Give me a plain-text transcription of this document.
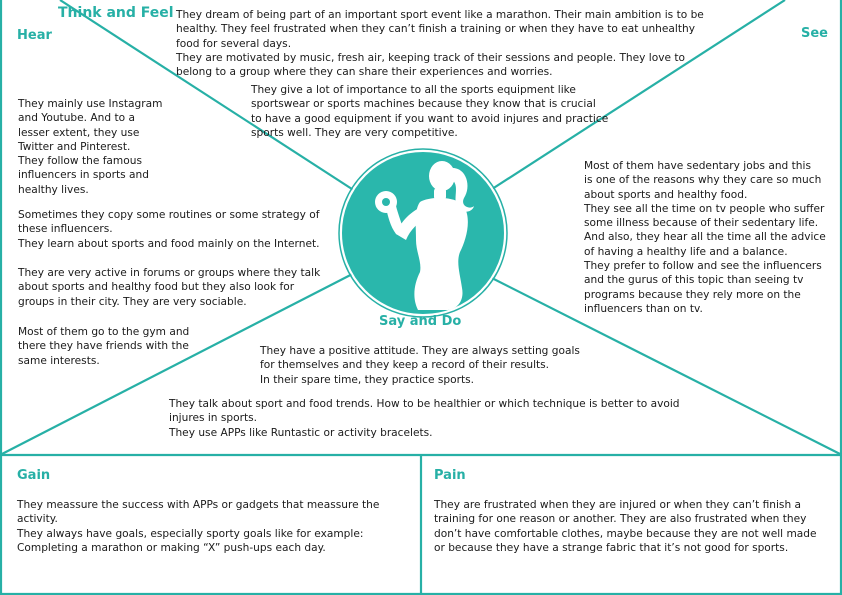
Think and Feel
Hear	See
Say and Do
Gain	Pain
They dream of being part of an important sport event like a marathon. Their main ambition is to be
healthy. They feel frustrated when they can’t finish a training or when they have to eat unhealthy
food for several days.
They are motivated by music, fresh air, keeping track of their sessions and people. They love to
belong to a group where they can share their experiences and worries.
They give a lot of importance to all the sports equipment like
sportswear or sports machines because they know that is crucial
to have a good equipment if you want to avoid injures and practice
sports well. They are very competitive.
They mainly use Instagram
and Youtube. And to a
lesser extent, they use
Twitter and Pinterest.
They follow the famous
influencers in sports and
healthy lives.
Sometimes they copy some routines or some strategy of
these influencers.
They learn about sports and food mainly on the Internet.
They are very active in forums or groups where they talk
about sports and healthy food but they also look for
groups in their city. They are very sociable.
Most of them go to the gym and
there they have friends with the
same interests.
Most of them have sedentary jobs and this
is one of the reasons why they care so much
about sports and healthy food.
They see all the time on tv people who suffer
some illness because of their sedentary life.
And also, they hear all the time all the advice
of having a healthy life and a balance.
They prefer to follow and see the influencers
and the gurus of this topic than seeing tv
programs because they rely more on the
influencers than on tv.
They have a positive attitude. They are always setting goals
for themselves and they keep a record of their results.
In their spare time, they practice sports.
They talk about sport and food trends. How to be healthier or which technique is better to avoid
injures in sports.
They use APPs like Runtastic or activity bracelets.
They meassure the success with APPs or gadgets that meassure the
activity.
They always have goals, especially sporty goals like for example:
Completing a marathon or making “X” push-ups each day.
They are frustrated when they are injured or when they can’t finish a
training for one reason or another. They are also frustrated when they
don’t have comfortable clothes, maybe because they are not well made
or because they have a strange fabric that it’s not good for sports.
